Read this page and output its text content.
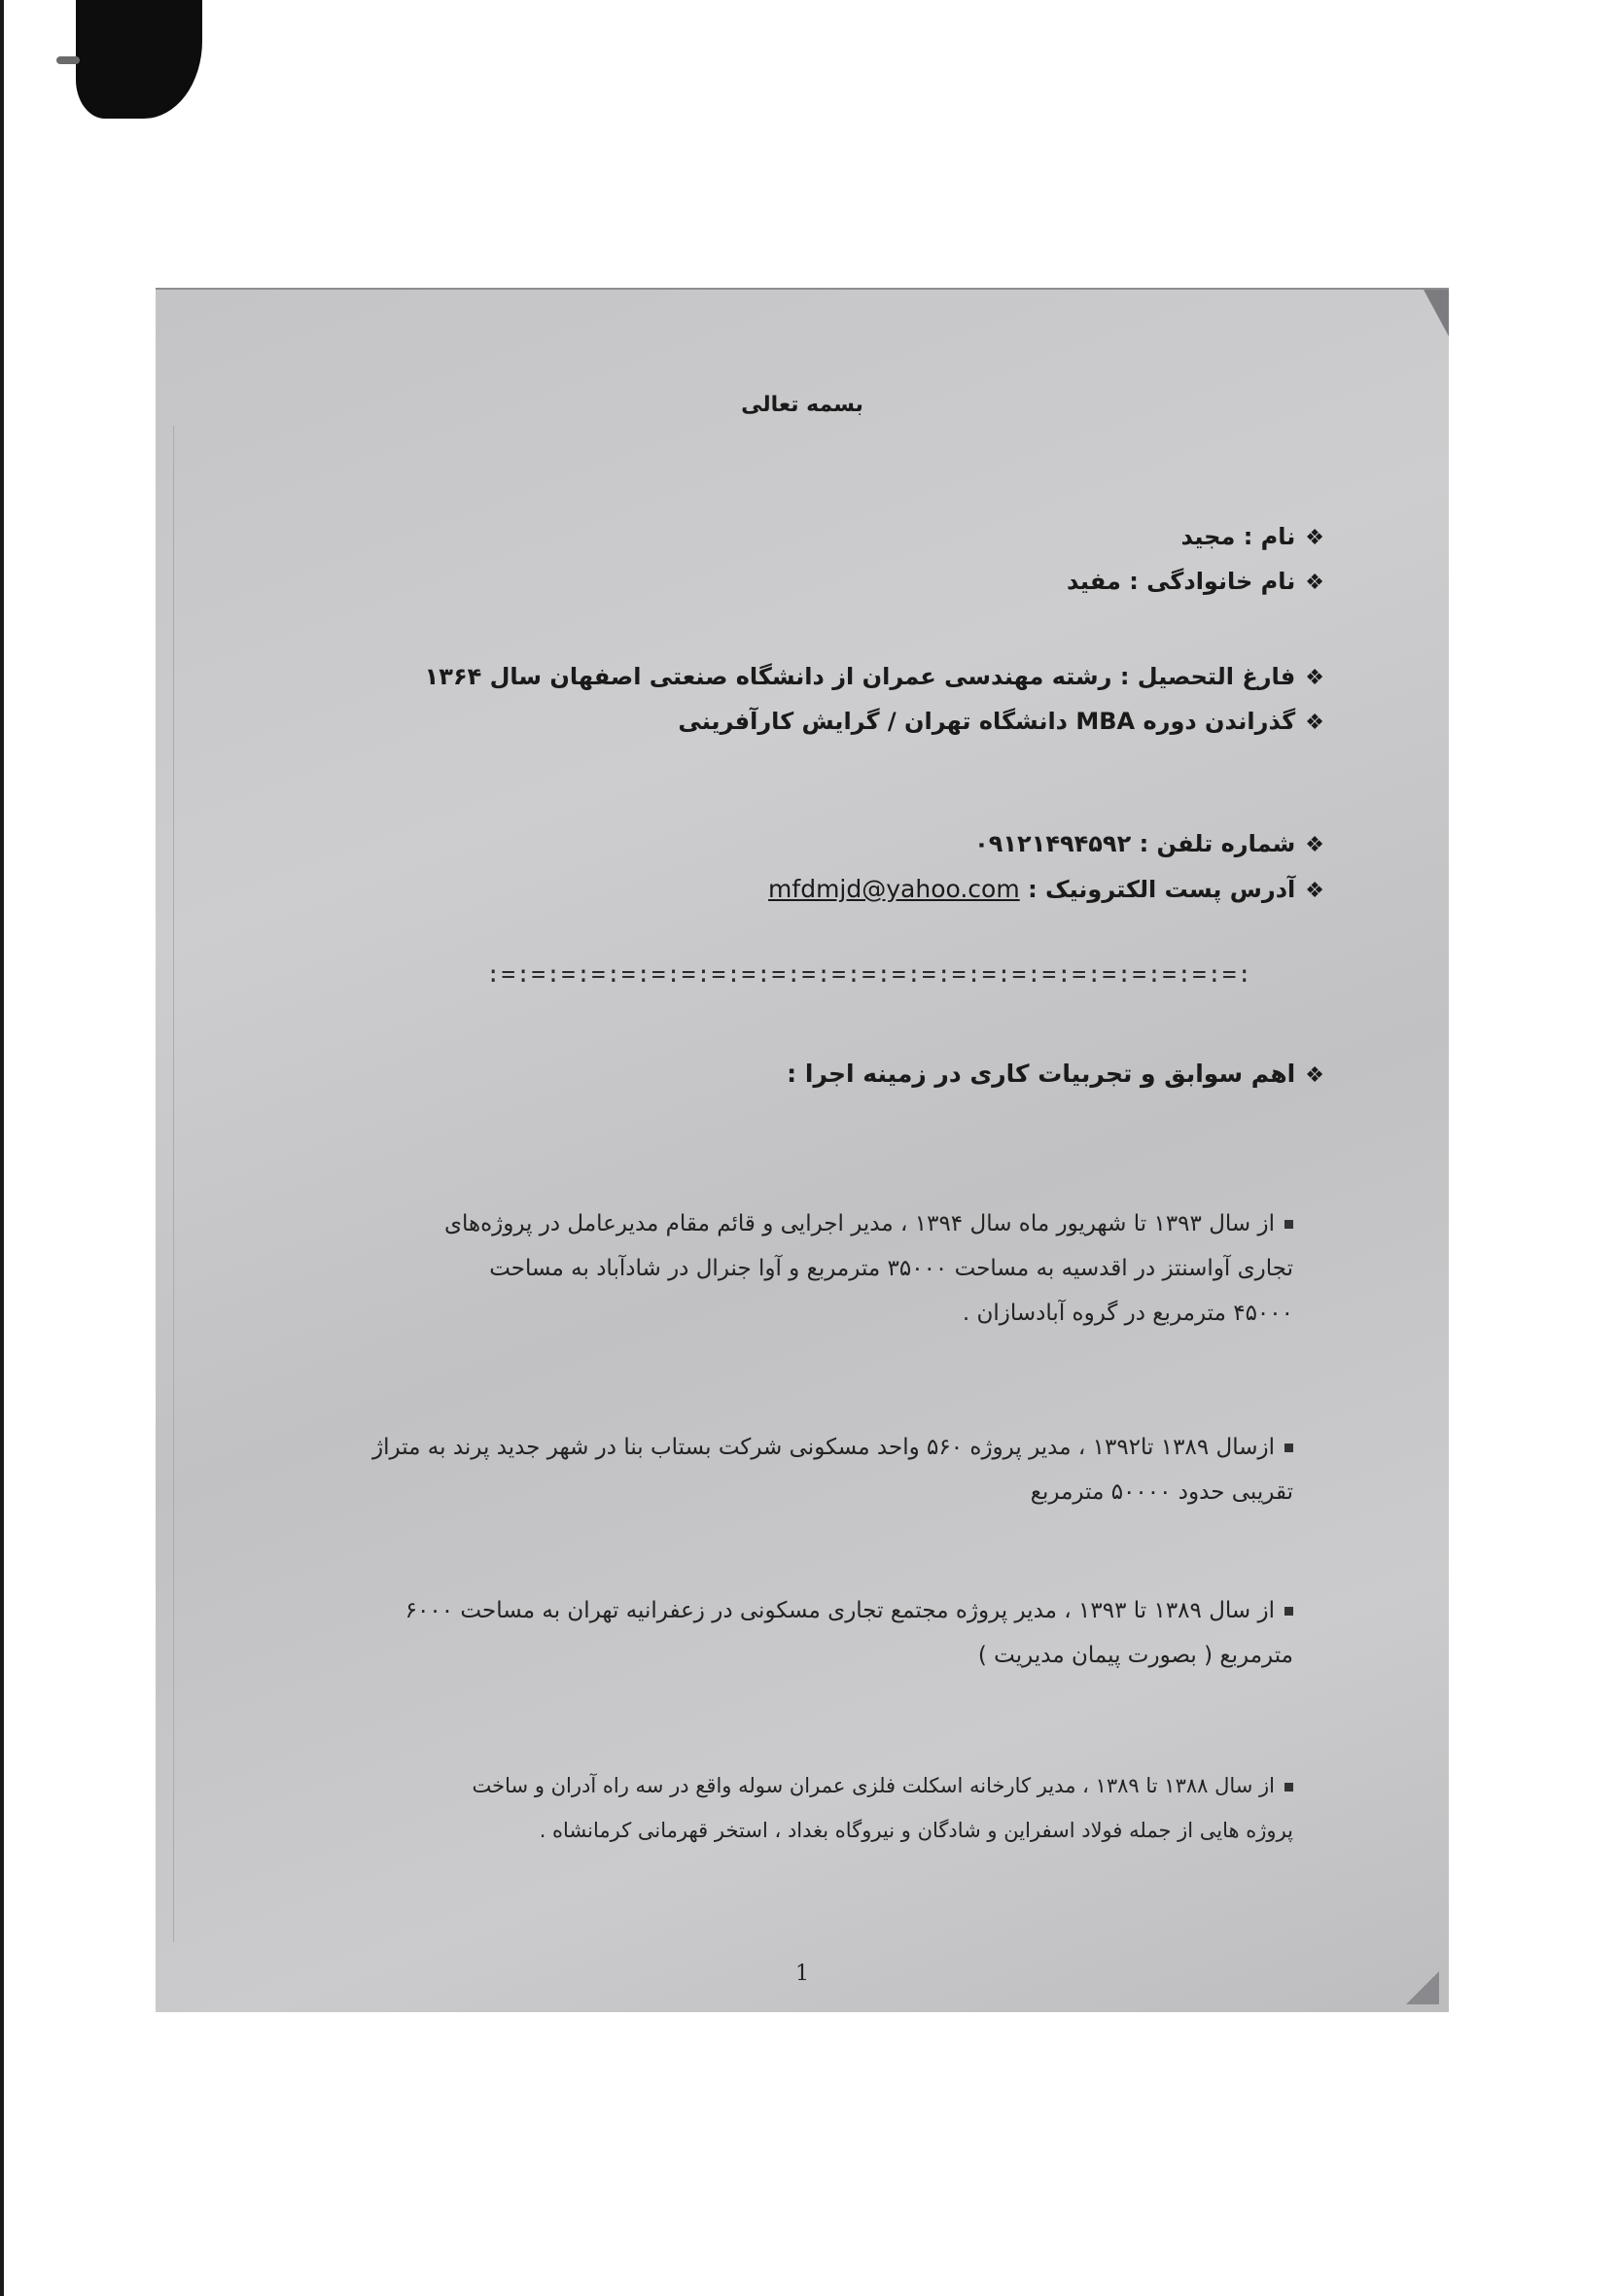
بسمه تعالی
❖نام : مجید
❖نام خانوادگی : مفید
❖فارغ التحصیل : رشته مهندسی عمران از دانشگاه صنعتی اصفهان سال ۱۳۶۴
❖گذراندن دوره MBA دانشگاه تهران / گرایش کارآفرینی
❖شماره تلفن : ۰۹۱۲۱۴۹۴۵۹۲
❖آدرس پست الکترونیک : mfdmjd@yahoo.com
:=:=:=:=:=:=:=:=:=:=:=:=:=:=:=:=:=:=:=:=:=:=:=:=:=:
❖اهم سوابق و تجربیات کاری در زمینه اجرا :

از سال ۱۳۹۳ تا شهریور ماه سال ۱۳۹۴ ، مدیر اجرایی و قائم مقام مدیرعامل در پروژه‌های

تجاری آواسنتز در اقدسیه به مساحت ۳۵۰۰۰ مترمربع و آوا جنرال در شادآباد به مساحت

۴۵۰۰۰ مترمربع در گروه آبادسازان .

ازسال ۱۳۸۹ تا۱۳۹۲ ، مدیر پروژه ۵۶۰ واحد مسکونی شرکت بستاب بنا در شهر جدید پرند به متراژ

تقریبی حدود ۵۰۰۰۰ مترمربع

از سال ۱۳۸۹ تا ۱۳۹۳ ، مدیر پروژه مجتمع تجاری مسکونی در زعفرانیه تهران به مساحت ۶۰۰۰

مترمربع ( بصورت پیمان مدیریت )

از سال ۱۳۸۸ تا ۱۳۸۹ ، مدیر کارخانه اسکلت فلزی عمران سوله واقع در سه راه آدران و ساخت

پروژه هایی از جمله فولاد اسفراین و شادگان و نیروگاه بغداد ، استخر قهرمانی کرمانشاه .

1
